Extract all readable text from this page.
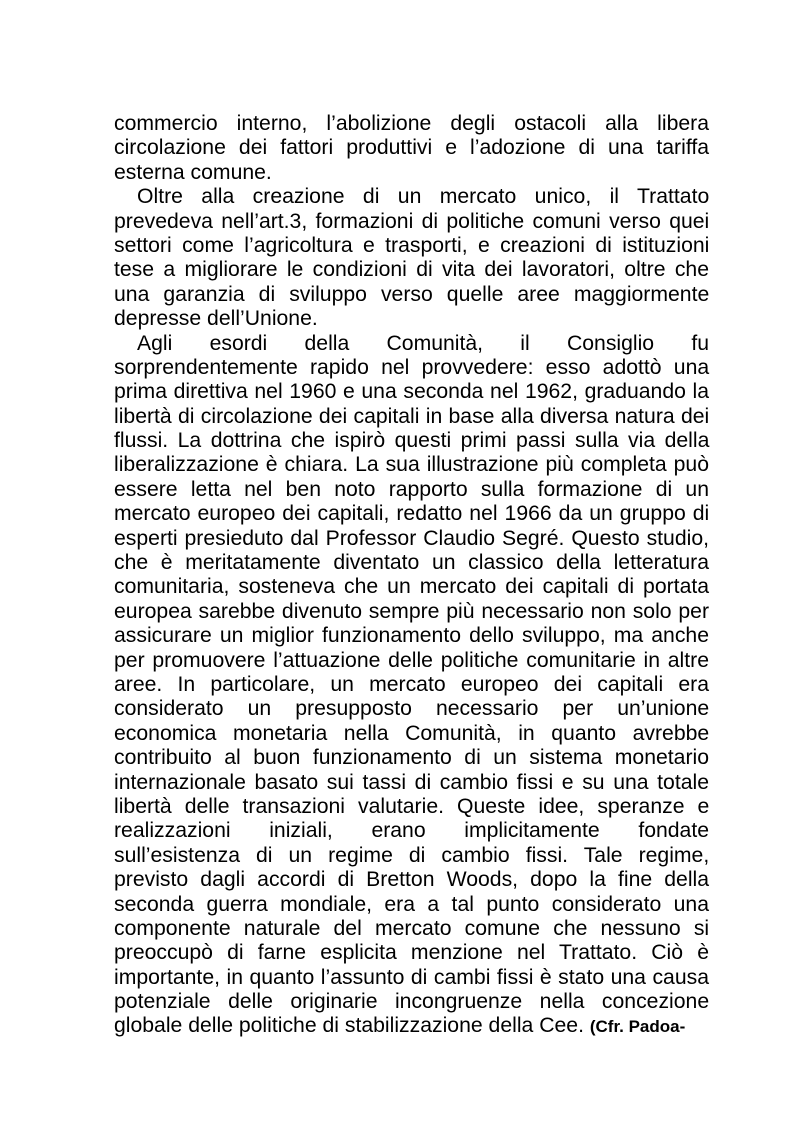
commercio interno, l’abolizione degli ostacoli alla libera
circolazione dei fattori produttivi e l’adozione di una tariffa
esterna comune.
Oltre alla creazione di un mercato unico, il Trattato
prevedeva nell’art.3, formazioni di politiche comuni verso quei
settori come l’agricoltura e trasporti, e creazioni di istituzioni
tese a migliorare le condizioni di vita dei lavoratori, oltre che
una garanzia di sviluppo verso quelle aree maggiormente
depresse dell’Unione.
Agli esordi della Comunità, il Consiglio fu
sorprendentemente rapido nel provvedere: esso adottò una
prima direttiva nel 1960 e una seconda nel 1962, graduando la
libertà di circolazione dei capitali in base alla diversa natura dei
flussi. La dottrina che ispirò questi primi passi sulla via della
liberalizzazione è chiara. La sua illustrazione più completa può
essere letta nel ben noto rapporto sulla formazione di un
mercato europeo dei capitali, redatto nel 1966 da un gruppo di
esperti presieduto dal Professor Claudio Segré. Questo studio,
che è meritatamente diventato un classico della letteratura
comunitaria, sosteneva che un mercato dei capitali di portata
europea sarebbe divenuto sempre più necessario non solo per
assicurare un miglior funzionamento dello sviluppo, ma anche
per promuovere l’attuazione delle politiche comunitarie in altre
aree. In particolare, un mercato europeo dei capitali era
considerato un presupposto necessario per un’unione
economica monetaria nella Comunità, in quanto avrebbe
contribuito al buon funzionamento di un sistema monetario
internazionale basato sui tassi di cambio fissi e su una totale
libertà delle transazioni valutarie. Queste idee, speranze e
realizzazioni iniziali, erano implicitamente fondate
sull’esistenza di un regime di cambio fissi. Tale regime,
previsto dagli accordi di Bretton Woods, dopo la fine della
seconda guerra mondiale, era a tal punto considerato una
componente naturale del mercato comune che nessuno si
preoccupò di farne esplicita menzione nel Trattato. Ciò è
importante, in quanto l’assunto di cambi fissi è stato una causa
potenziale delle originarie incongruenze nella concezione
globale delle politiche di stabilizzazione della Cee. (Cfr. Padoa-
